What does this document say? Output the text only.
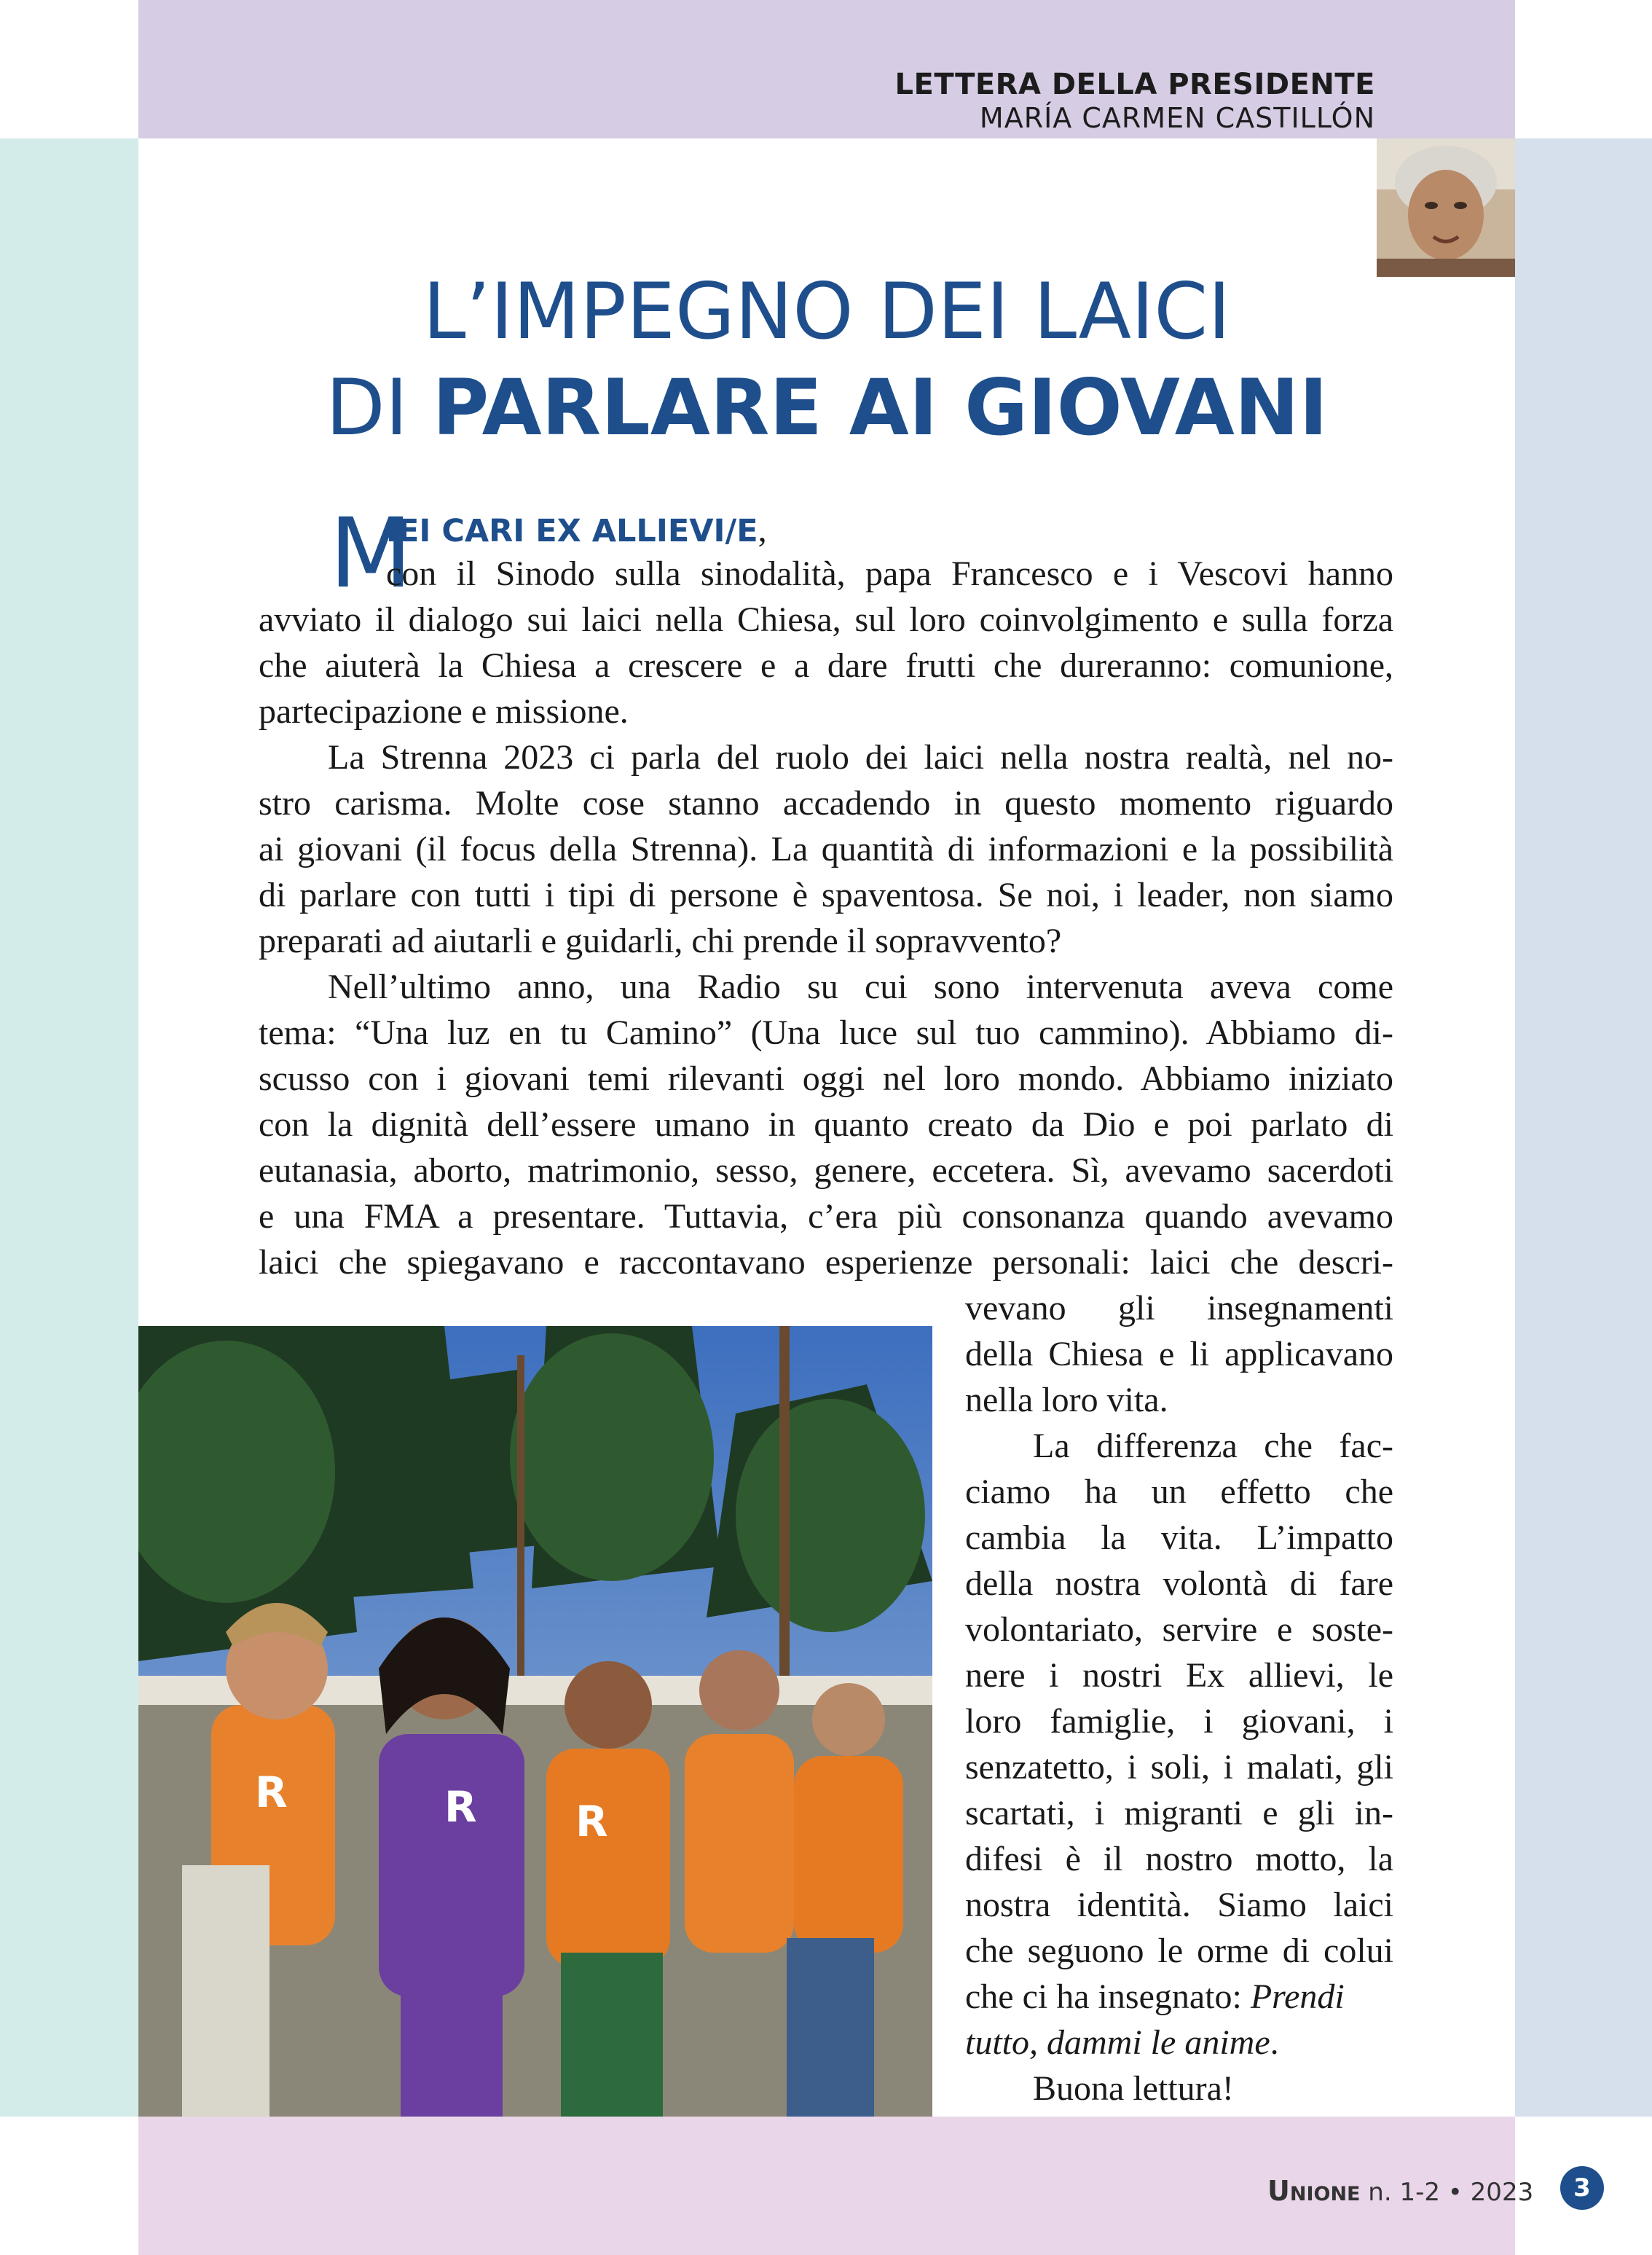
LETTERA DELLA PRESIDENTE
MARÍA CARMEN CASTILLÓN
L’IMPEGNO DEI LAICI
DI PARLARE AI GIOVANI
M
IEI CARI EX ALLIEVI/E,
con il Sinodo sulla sinodalità, papa Francesco e i Vescovi hanno
avviato il dialogo sui laici nella Chiesa, sul loro coinvolgimento e sulla forza
che aiuterà la Chiesa a crescere e a dare frutti che dureranno: comunione,
partecipazione e missione.
La Strenna 2023 ci parla del ruolo dei laici nella nostra realtà, nel no-
stro carisma. Molte cose stanno accadendo in questo momento riguardo
ai giovani (il focus della Strenna). La quantità di informazioni e la possibilità
di parlare con tutti i tipi di persone è spaventosa. Se noi, i leader, non siamo
preparati ad aiutarli e guidarli, chi prende il sopravvento?
Nell’ultimo anno, una Radio su cui sono intervenuta aveva come
tema: “Una luz en tu Camino” (Una luce sul tuo cammino). Abbiamo di-
scusso con i giovani temi rilevanti oggi nel loro mondo. Abbiamo iniziato
con la dignità dell’essere umano in quanto creato da Dio e poi parlato di
eutanasia, aborto, matrimonio, sesso, genere, eccetera. Sì, avevamo sacerdoti
e una FMA a presentare. Tuttavia, c’era più consonanza quando avevamo
laici che spiegavano e raccontavano esperienze personali: laici che descri-
vevano gli insegnamenti
della Chiesa e li applicavano
nella loro vita.
La differenza che fac-
ciamo ha un effetto che
cambia la vita. L’impatto
della nostra volontà di fare
volontariato, servire e soste-
nere i nostri Ex allievi, le
loro famiglie, i giovani, i
senzatetto, i soli, i malati, gli
scartati, i migranti e gli in-
difesi è il nostro motto, la
nostra identità. Siamo laici
che seguono le orme di colui
che ci ha insegnato: Prendi
tutto, dammi le anime.
Buona lettura!
R	R R
Unione n. 1-2 • 2023	3
